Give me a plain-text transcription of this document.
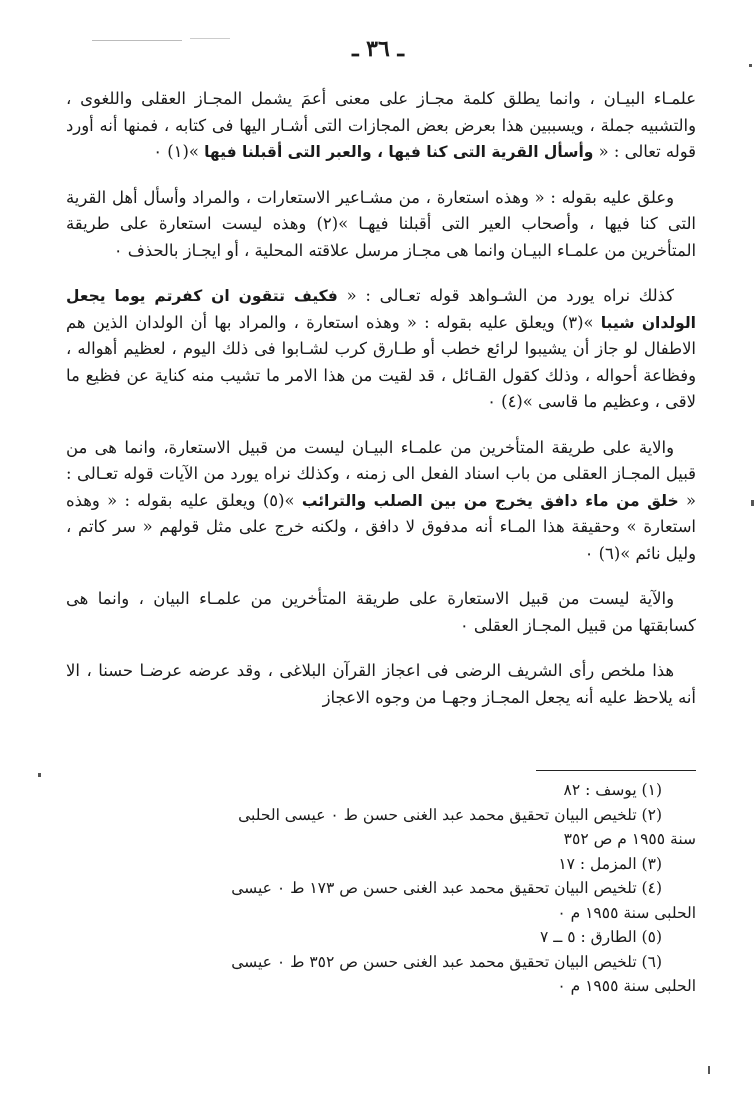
ـ ٣٦ ـ

علمـاء البيـان ، وانما يطلق كلمة مجـاز على معنى أعمَ يشمل المجـاز العقلى واللغوى ، والتشبيه جملة ، ويسببين هذا بعرض بعض المجازات التى أشـار اليها فى كتابه ، فمنها أنه أورد قوله تعالى : « وأسأل القرية التى كنا فيها ، والعبر التى أقبلنا فيها »(١) ٠

وعلق عليه بقوله : « وهذه استعارة ، من مشـاعير الاستعارات ، والمراد وأسأل أهل القرية التى كنا فيها ، وأصحاب العير التى أقبلنا فيهـا »(٢) وهذه ليست استعارة على طريقة المتأخرين من علمـاء البيـان وانما هى مجـاز مرسل علاقته المحلية ، أو ايجـاز بالحذف ٠

كذلك نراه يورد من الشـواهد قوله تعـالى : « فكيف تتقون ان كفرتم يوما يجعل الولدان شيبا »(٣) ويعلق عليه بقوله : « وهذه استعارة ، والمراد بها أن الولدان الذين هم الاطفال لو جاز أن يشيبوا لرائع خطب أو طـارق كرب لشـابوا فى ذلك اليوم ، لعظيم أهواله ، وفظاعة أحواله ، وذلك كقول القـائل ، قد لقيت من هذا الامر ما تشيب منه كناية عن فظيع ما لاقى ، وعظيم ما قاسى »(٤) ٠

والاية على طريقة المتأخرين من علمـاء البيـان ليست من قبيل الاستعارة، وانما هى من قبيل المجـاز العقلى من باب اسناد الفعل الى زمنه ، وكذلك نراه يورد من الآيات قوله تعـالى : « خلق من ماء دافق يخرج من بين الصلب والترائب »(٥) ويعلق عليه بقوله : « وهذه استعارة » وحقيقة هذا المـاء أنه مدفوق لا دافق ، ولكنه خرج على مثل قولهم « سر كاتم ، وليل نائم »(٦) ٠

والآية ليست من قبيل الاستعارة على طريقة المتأخرين من علمـاء البيان ، وانما هى كسابقتها من قبيل المجـاز العقلى ٠

هذا ملخص رأى الشريف الرضى فى اعجاز القرآن البلاغى ، وقد عرضه عرضـا حسنا ، الا أنه يلاحظ عليه أنه يجعل المجـاز وجهـا من وجوه الاعجاز

(١) يوسف : ٨٢

(٢) تلخيص البيان تحقيق محمد عبد الغنى حسن ط ٠ عيسى الحلبى

سنة ١٩٥٥ م ص ٣٥٢

(٣) المزمل : ١٧

(٤) تلخيص البيان تحقيق محمد عبد الغنى حسن ص ١٧٣ ط ٠ عيسى

الحلبى سنة ١٩٥٥ م ٠

(٥) الطارق : ٥ ــ ٧

(٦) تلخيص البيان تحقيق محمد عبد الغنى حسن ص ٣٥٢ ط ٠ عيسى

الحلبى سنة ١٩٥٥ م ٠
